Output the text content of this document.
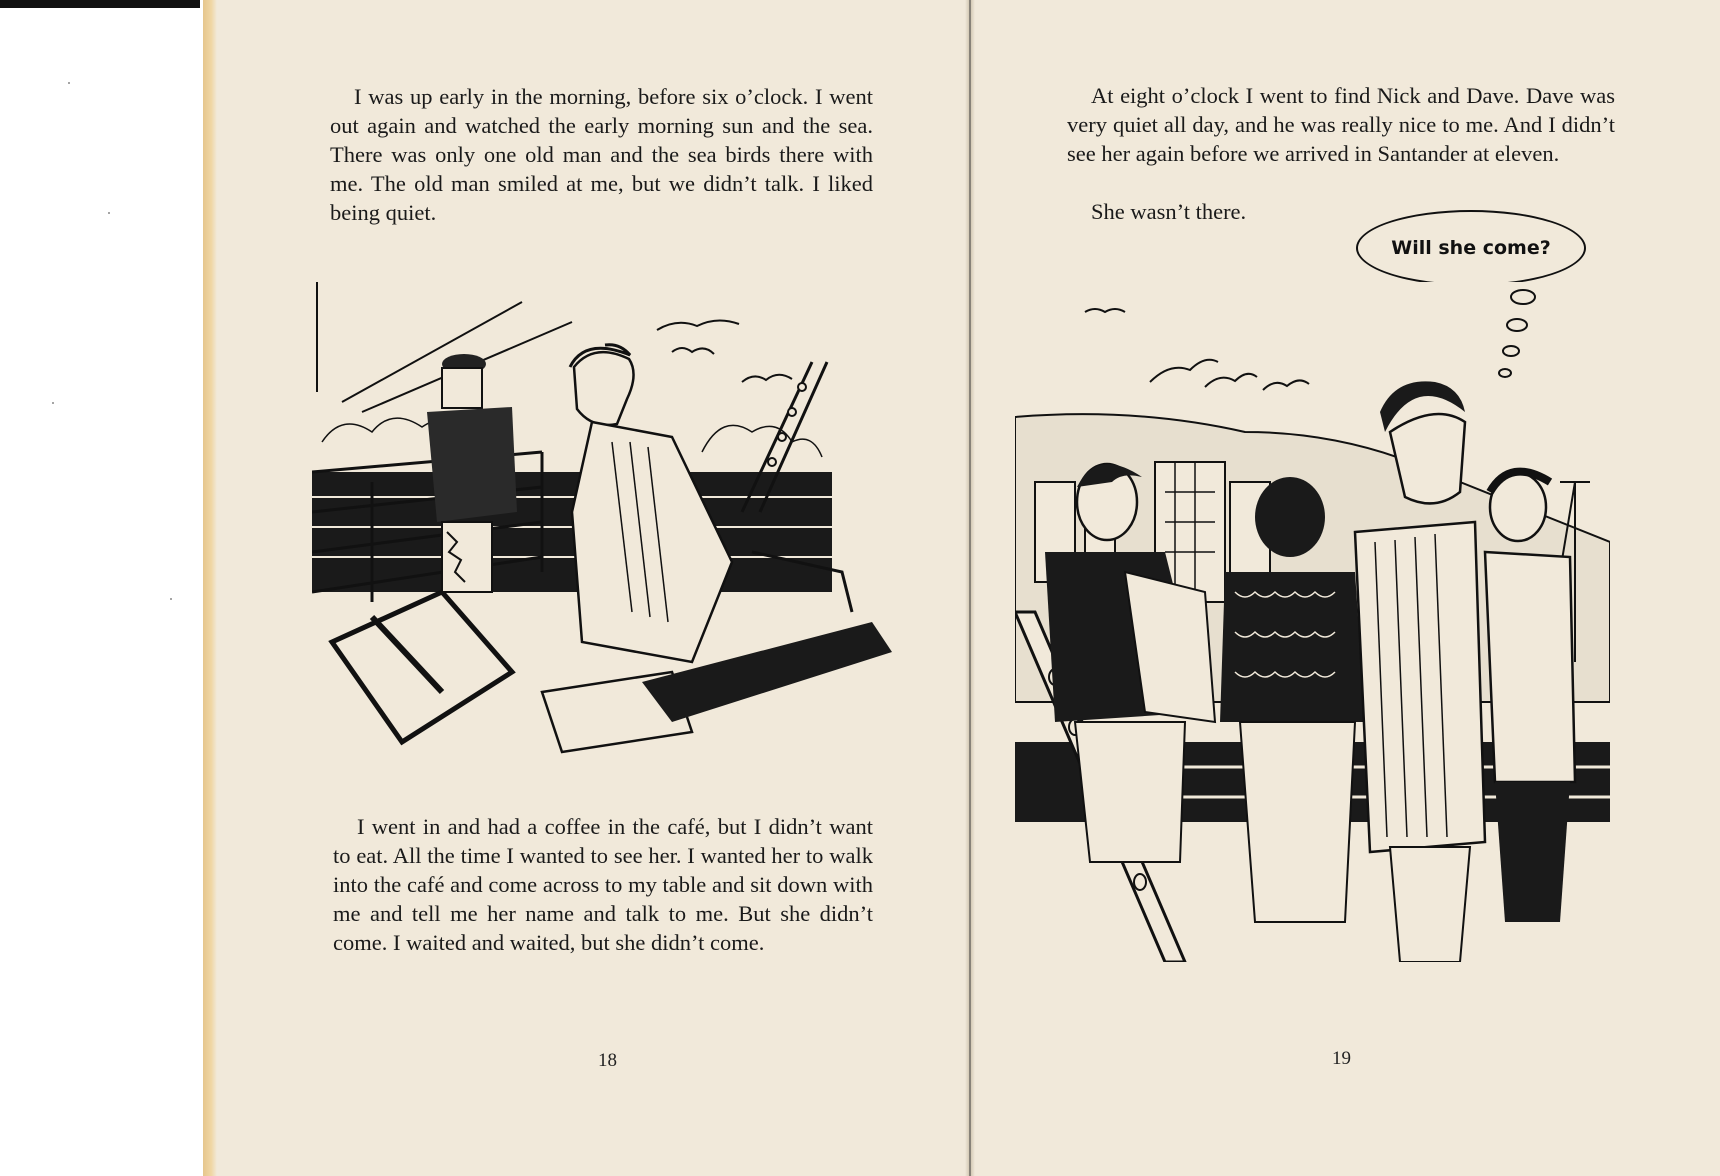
I was up early in the morning, before six o’clock. I went out again and watched the early morning sun and the sea. There was only one old man and the sea birds there with me. The old man smiled at me, but we didn’t talk. I liked being quiet.

I went in and had a coffee in the café, but I didn’t want to eat. All the time I wanted to see her. I wanted her to walk into the café and come across to my table and sit down with me and tell me her name and talk to me. But she didn’t come. I waited and waited, but she didn’t come.

18

At eight o’clock I went to find Nick and Dave. Dave was very quiet all day, and he was really nice to me. And I didn’t see her again before we arrived in Santander at eleven.

She wasn’t there.

Will she come?
19
